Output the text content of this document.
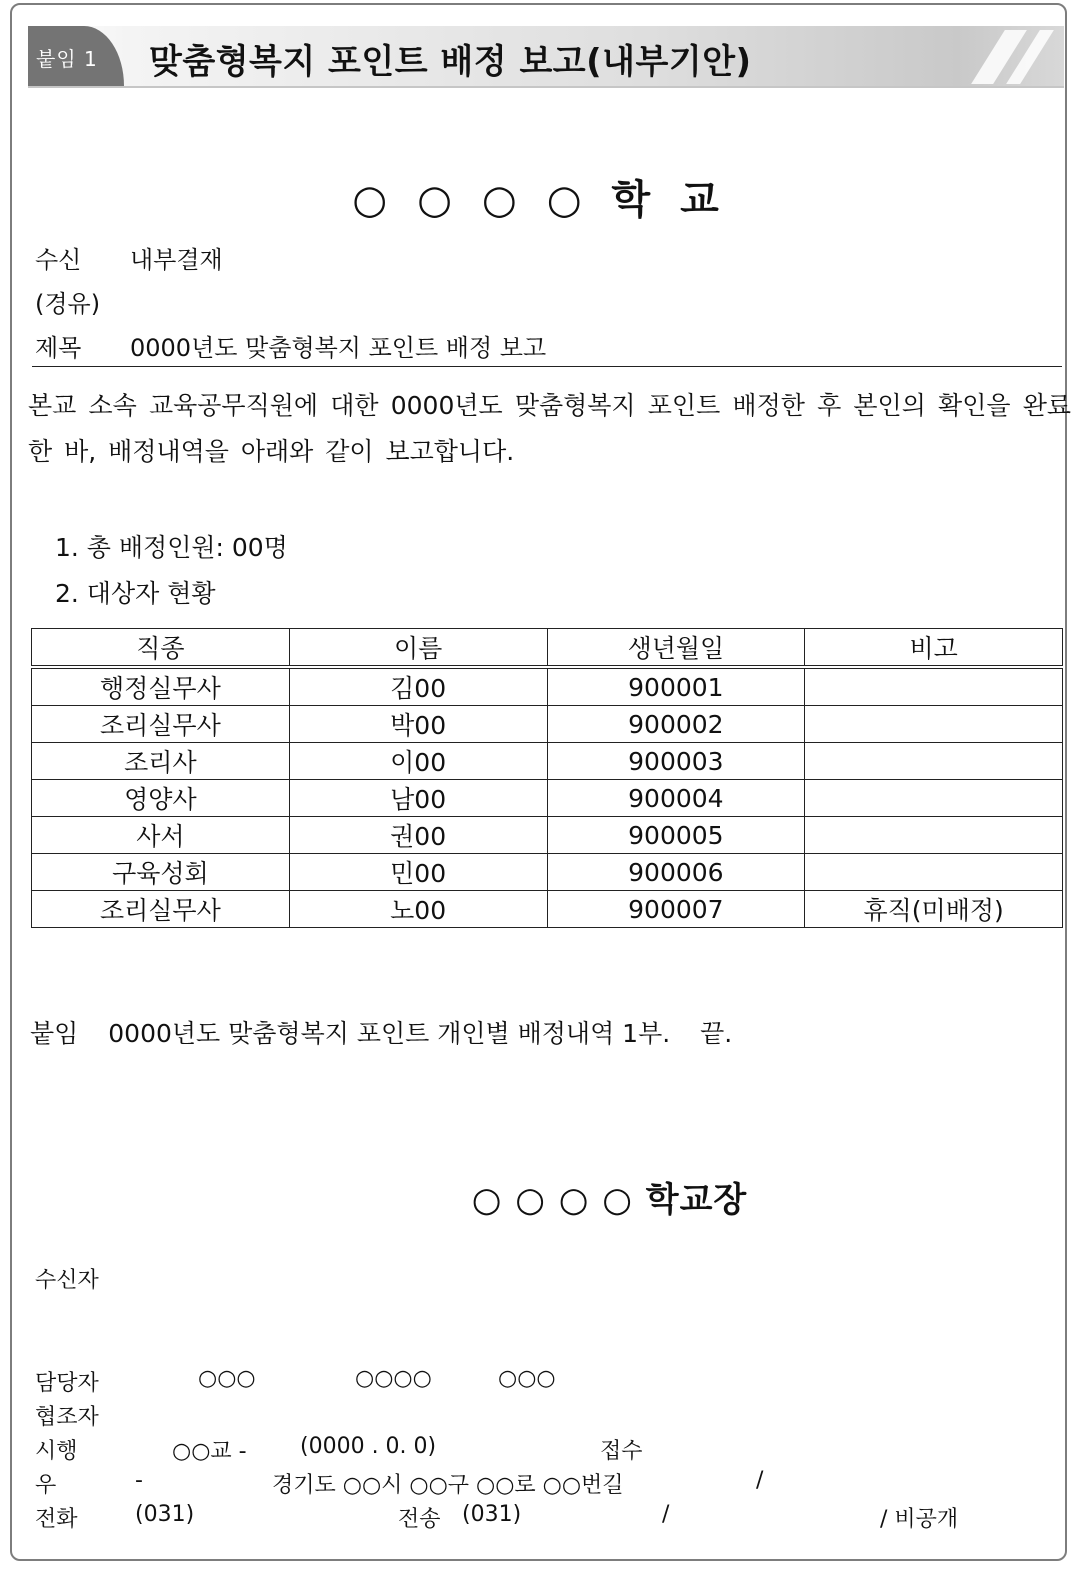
붙임 1 맞춤형복지 포인트 배정 보고(내부기안)
○ ○ ○ ○ 학 교
수신 내부결재
(경유)
제목 0000년도 맞춤형복지 포인트 배정 보고
본교 소속 교육공무직원에 대한 0000년도 맞춤형복지 포인트 배정한 후 본인의 확인을 완료한 바, 배정내역을 아래와 같이 보고합니다.
1. 총 배정인원: 00명
2. 대상자 현황
직종	이름	생년월일	비고
행정실무사	김00	900001	
조리실무사	박00	900002	
조리사	이00	900003	
영양사	남00	900004	
사서	권00	900005	
구육성회	민00	900006	
조리실무사	노00	900007	휴직(미배정)
붙임 0000년도 맞춤형복지 포인트 개인별 배정내역 1부. 끝.
○ ○ ○ ○ 학교장
수신자
담당자	○○○	○○○○	○○○
협조자
시행	○○교 - (0000 . 0. 0)	접수
우	-	경기도 ○○시 ○○구 ○○로 ○○번길	/
전화	(031)	전송 (031)	/	/ 비공개
